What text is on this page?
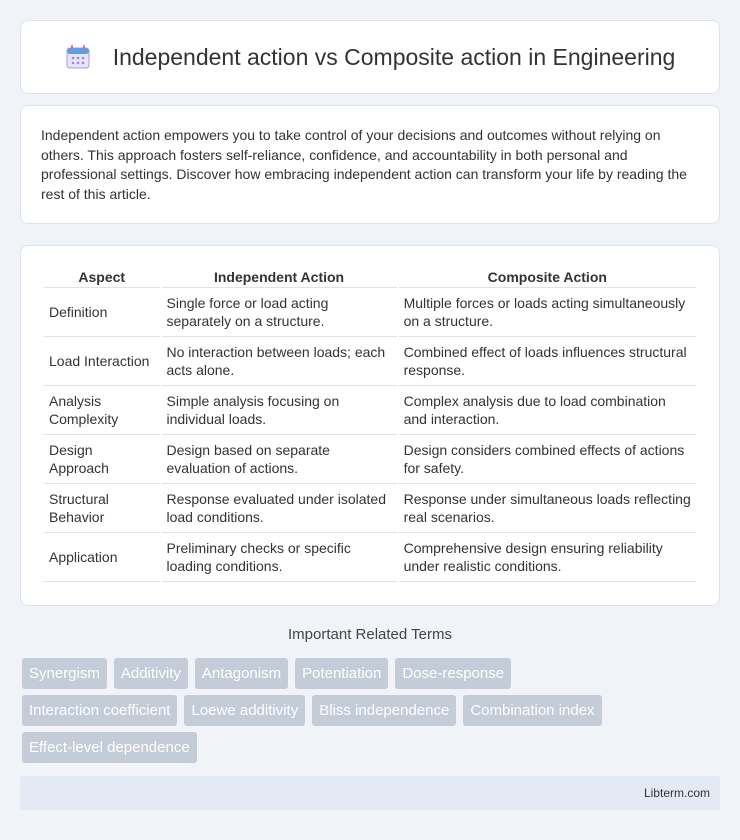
Independent action vs Composite action in Engineering

Independent action empowers you to take control of your decisions and outcomes without relying on others. This approach fosters self-reliance, confidence, and accountability in both personal and professional settings. Discover how embracing independent action can transform your life by reading the rest of this article.

Aspect	Independent Action	Composite Action
Definition	Single force or load acting separately on a structure.	Multiple forces or loads acting simultaneously on a structure.
Load Interaction	No interaction between loads; each acts alone.	Combined effect of loads influences structural response.
Analysis Complexity	Simple analysis focusing on individual loads.	Complex analysis due to load combination and interaction.
Design Approach	Design based on separate evaluation of actions.	Design considers combined effects of actions for safety.
Structural Behavior	Response evaluated under isolated load conditions.	Response under simultaneous loads reflecting real scenarios.
Application	Preliminary checks or specific loading conditions.	Comprehensive design ensuring reliability under realistic conditions.
Important Related Terms
Synergism	Additivity	Antagonism	Potentiation	Dose-response
Interaction coefficient	Loewe additivity	Bliss independence	Combination index
Effect-level dependence
Libterm.com
